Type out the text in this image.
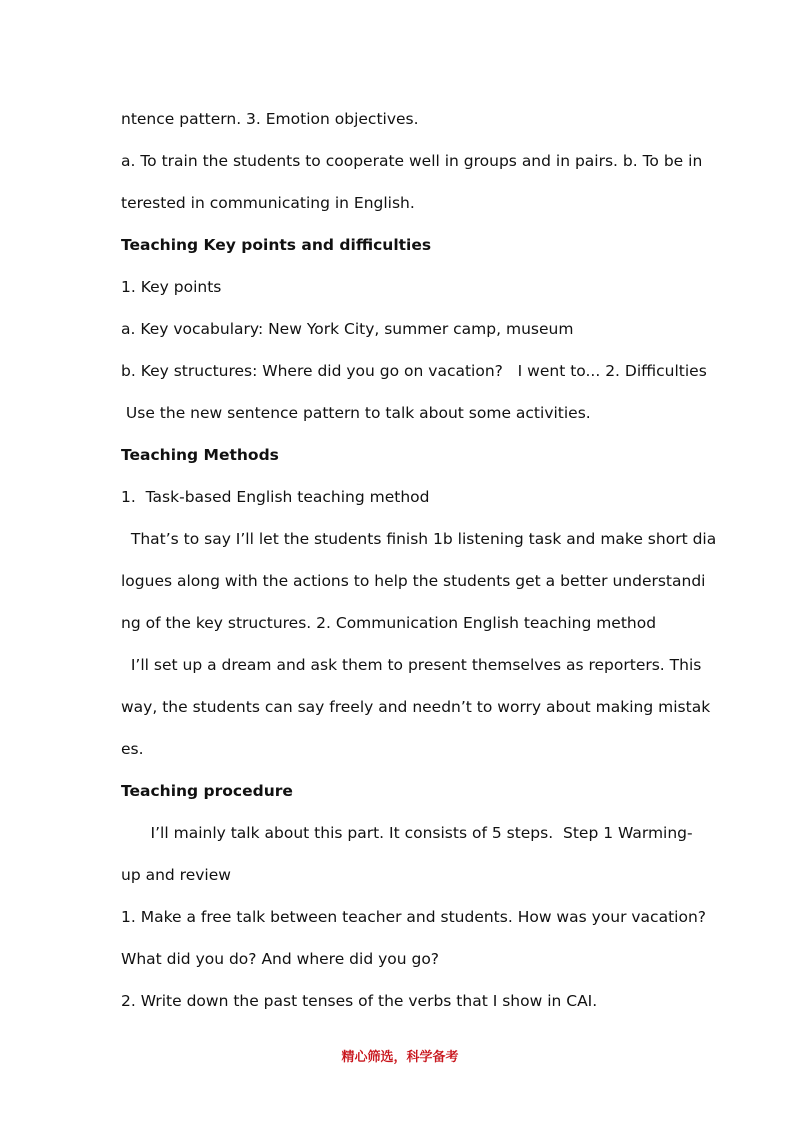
ntence pattern. 3. Emotion objectives.
a. To train the students to cooperate well in groups and in pairs. b. To be in
terested in communicating in English.
Teaching Key points and difficulties
1. Key points
a. Key vocabulary: New York City, summer camp, museum
b. Key structures: Where did you go on vacation?   I went to... 2. Difficulties
Use the new sentence pattern to talk about some activities.
Teaching Methods
1.  Task-based English teaching method
That’s to say I’ll let the students finish 1b listening task and make short dia
logues along with the actions to help the students get a better understandi
ng of the key structures. 2. Communication English teaching method
I’ll set up a dream and ask them to present themselves as reporters. This
way, the students can say freely and needn’t to worry about making mistak
es.
Teaching procedure
I’ll mainly talk about this part. It consists of 5 steps.  Step 1 Warming-
up and review
1. Make a free talk between teacher and students. How was your vacation?
What did you do? And where did you go?
2. Write down the past tenses of the verbs that I show in CAI.
精心筛选，科学备考
